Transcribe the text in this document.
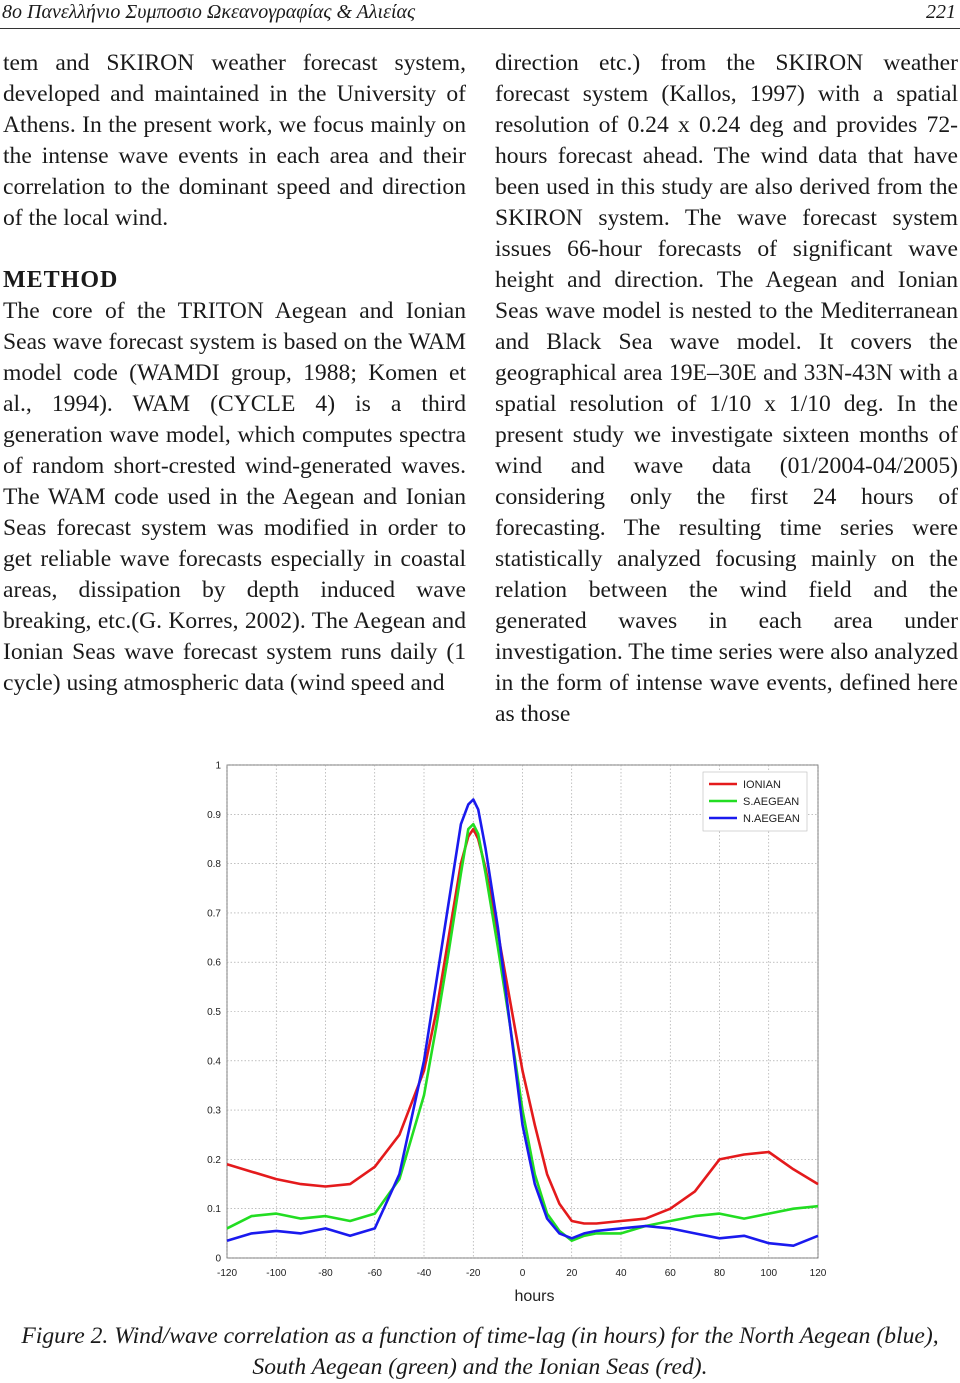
8o Πανελλήνιο Συμποσιο Ωκεανογραφίας & Αλιείας	221

tem and SKIRON weather forecast system, developed and maintained in the University of Athens. In the present work, we focus mainly on the intense wave events in each area and their correlation to the dominant speed and direction of the local wind.

METHOD

The core of the TRITON Aegean and Ionian Seas wave forecast system is based on the WAM model code (WAMDI group, 1988; Komen et al., 1994). WAM (CYCLE 4) is a third generation wave model, which computes spectra of random short-crested wind-generated waves. The WAM code used in the Aegean and Ionian Seas forecast system was modified in order to get reliable wave forecasts especially in coastal areas, dissipation by depth induced wave breaking, etc.(G. Korres, 2002). The Aegean and Ionian Seas wave forecast system runs daily (1 cycle) using atmospheric data (wind speed and

direction etc.) from the SKIRON weather forecast system (Kallos, 1997) with a spatial resolution of 0.24 x 0.24 deg and provides 72-hours forecast ahead. The wind data that have been used in this study are also derived from the SKIRON system. The wave forecast system issues 66-hour forecasts of significant wave height and direction. The Aegean and Ionian Seas wave model is nested to the Mediterranean and Black Sea wave model. It covers the geographical area 19E–30E and 33N-43N with a spatial resolution of 1/10 x 1/10 deg. In the present study we investigate sixteen months of wind and wave data (01/2004-04/2005) considering only the first 24 hours of forecasting. The resulting time series were statistically analyzed focusing mainly on the relation between the wind field and the generated waves in each area under investigation. The time series were also analyzed in the form of intense wave events, defined here as those

0
0.1
0.2
0.3
0.4
0.5
0.6
0.7
0.8
0.9
1
-120	-100	-80	-60	-40	-20	0	20	40	60	80	100	120
hours
IONIAN
S.AEGEAN
N.AEGEAN
Figure 2. Wind/wave correlation as a function of time-lag (in hours) for the North Aegean (blue), South Aegean (green) and the Ionian Seas (red).
